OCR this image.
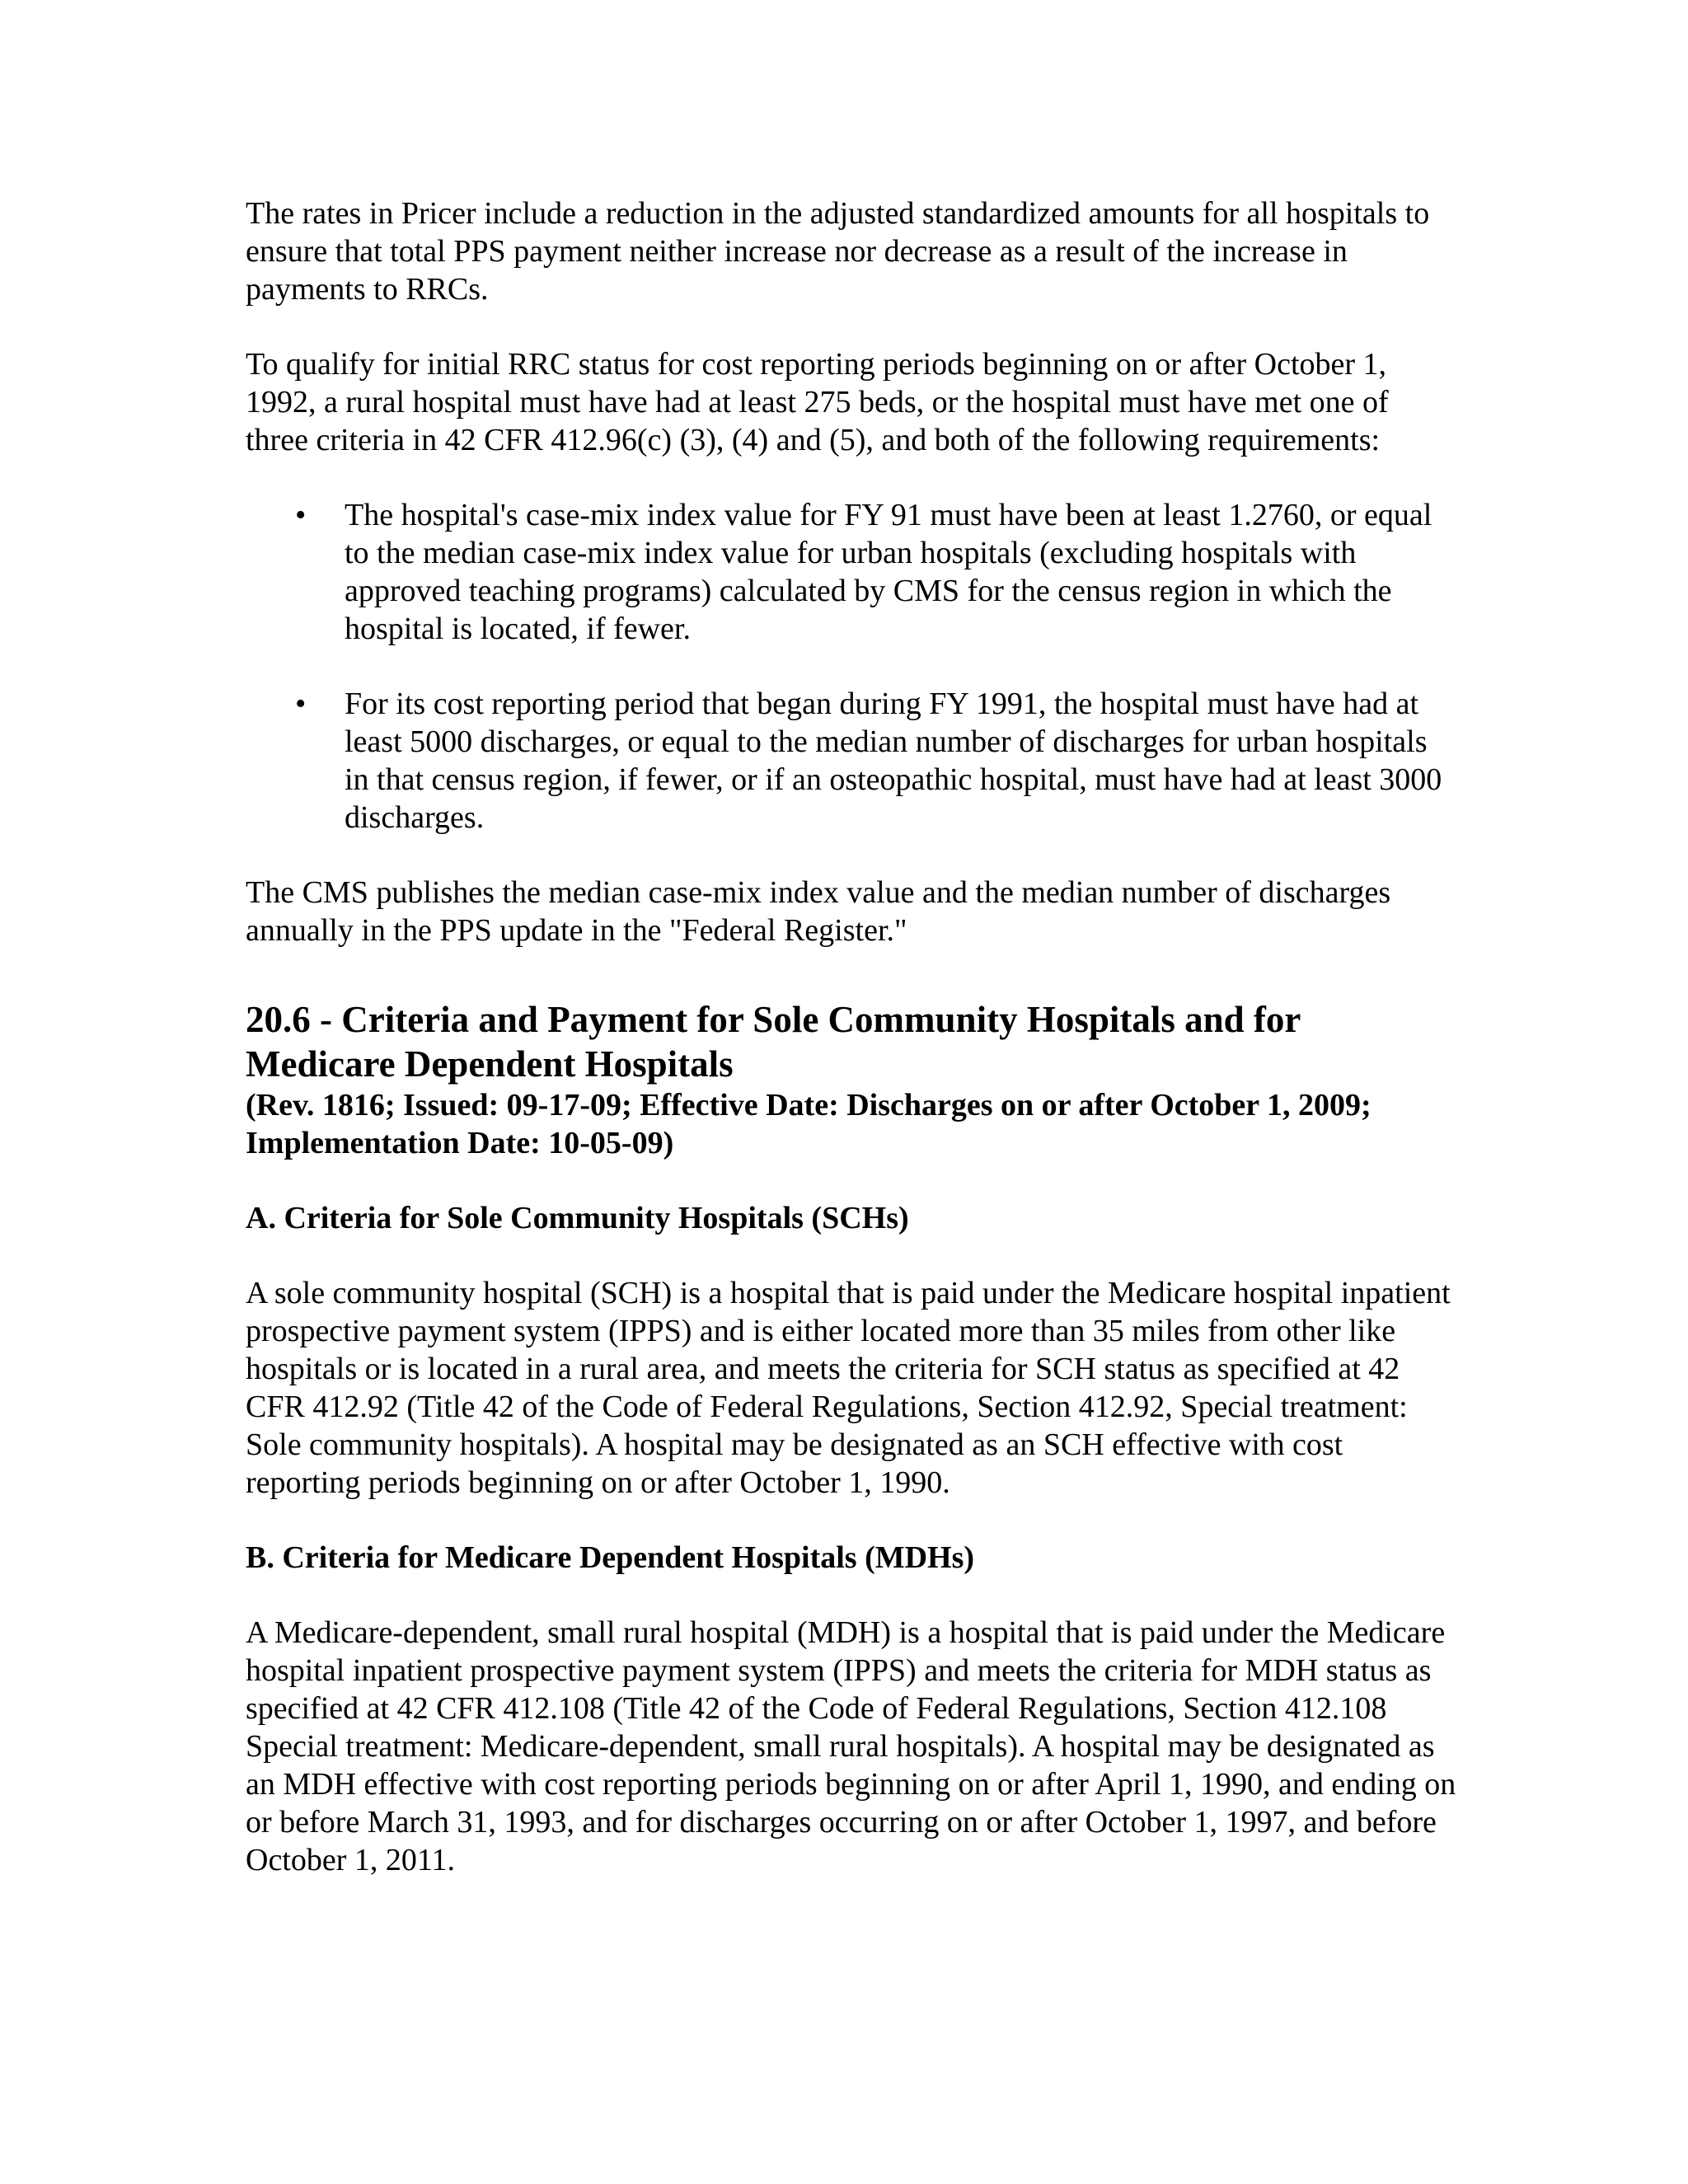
The rates in Pricer include a reduction in the adjusted standardized amounts for all hospitals to ensure that total PPS payment neither increase nor decrease as a result of the increase in payments to RRCs.

To qualify for initial RRC status for cost reporting periods beginning on or after October 1, 1992, a rural hospital must have had at least 275 beds, or the hospital must have met one of three criteria in 42 CFR 412.96(c) (3), (4) and (5), and both of the following requirements:

• The hospital's case-mix index value for FY 91 must have been at least 1.2760, or equal to the median case-mix index value for urban hospitals (excluding hospitals with approved teaching programs) calculated by CMS for the census region in which the hospital is located, if fewer.
• For its cost reporting period that began during FY 1991, the hospital must have had at least 5000 discharges, or equal to the median number of discharges for urban hospitals in that census region, if fewer, or if an osteopathic hospital, must have had at least 3000 discharges.

The CMS publishes the median case-mix index value and the median number of discharges annually in the PPS update in the "Federal Register."

20.6 - Criteria and Payment for Sole Community Hospitals and for Medicare Dependent Hospitals

(Rev. 1816; Issued: 09-17-09; Effective Date: Discharges on or after October 1, 2009; Implementation Date: 10-05-09)

A. Criteria for Sole Community Hospitals (SCHs)

A sole community hospital (SCH) is a hospital that is paid under the Medicare hospital inpatient prospective payment system (IPPS) and is either located more than 35 miles from other like hospitals or is located in a rural area, and meets the criteria for SCH status as specified at 42 CFR 412.92 (Title 42 of the Code of Federal Regulations, Section 412.92, Special treatment: Sole community hospitals). A hospital may be designated as an SCH effective with cost reporting periods beginning on or after October 1, 1990.

B. Criteria for Medicare Dependent Hospitals (MDHs)

A Medicare-dependent, small rural hospital (MDH) is a hospital that is paid under the Medicare hospital inpatient prospective payment system (IPPS) and meets the criteria for MDH status as specified at 42 CFR 412.108 (Title 42 of the Code of Federal Regulations, Section 412.108 Special treatment: Medicare-dependent, small rural hospitals). A hospital may be designated as an MDH effective with cost reporting periods beginning on or after April 1, 1990, and ending on or before March 31, 1993, and for discharges occurring on or after October 1, 1997, and before October 1, 2011.
